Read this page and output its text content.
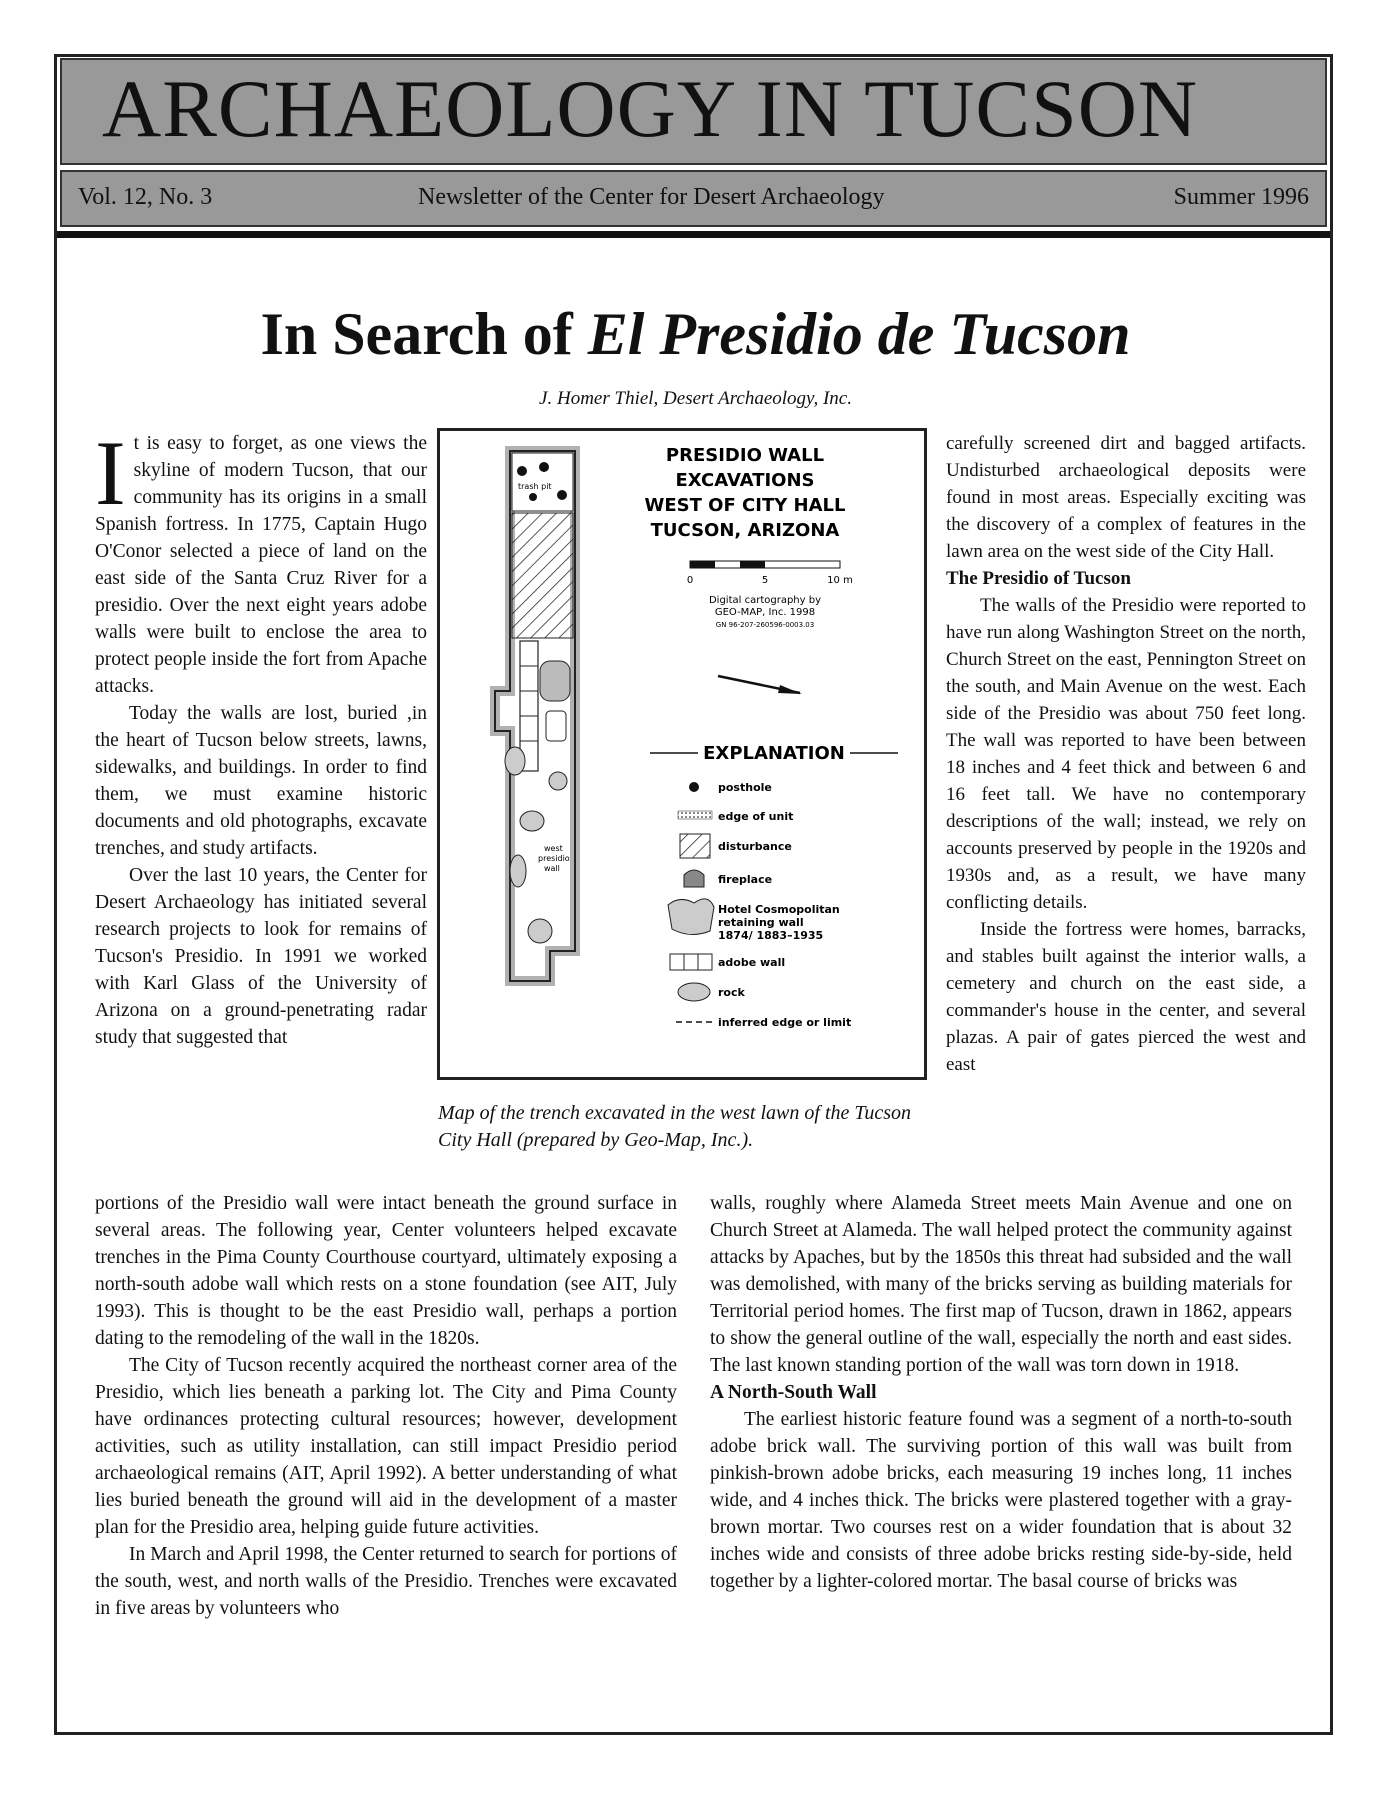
ARCHAEOLOGY IN TUCSON
Vol. 12, No. 3	Newsletter of the Center for Desert Archaeology	Summer 1996
In Search of El Presidio de Tucson
J. Homer Thiel, Desert Archaeology, Inc.

It is easy to forget, as one views the skyline of modern Tucson, that our community has its origins in a small Spanish fortress. In 1775, Captain Hugo O'Conor selected a piece of land on the east side of the Santa Cruz River for a presidio. Over the next eight years adobe walls were built to enclose the area to protect people inside the fort from Apache attacks.

Today the walls are lost, buried ,in the heart of Tucson below streets, lawns, sidewalks, and buildings. In order to find them, we must examine historic documents and old photographs, excavate trenches, and study artifacts.

Over the last 10 years, the Center for Desert Archaeology has initiated several research projects to look for remains of Tucson's Presidio. In 1991 we worked with Karl Glass of the University of Arizona on a ground-penetrating radar study that suggested that

trash pit
west
presidio
wall
PRESIDIO WALL
EXCAVATIONS
WEST OF CITY HALL
TUCSON, ARIZONA
0	5	10 m
Digital cartography by
GEO-MAP, Inc. 1998
GN 96-207-260596-0003.03
EXPLANATION
posthole
edge of unit
disturbance
fireplace
Hotel Cosmopolitan
retaining wall
1874/ 1883–1935
adobe wall
rock
inferred edge or limit
Map of the trench excavated in the west lawn of the Tucson City Hall (prepared by Geo-Map, Inc.).

carefully screened dirt and bagged artifacts. Undisturbed archaeological deposits were found in most areas. Especially exciting was the discovery of a complex of features in the lawn area on the west side of the City Hall.

The Presidio of Tucson

The walls of the Presidio were reported to have run along Washington Street on the north, Church Street on the east, Pennington Street on the south, and Main Avenue on the west. Each side of the Presidio was about 750 feet long. The wall was reported to have been between 18 inches and 4 feet thick and between 6 and 16 feet tall. We have no contemporary descriptions of the wall; instead, we rely on accounts preserved by people in the 1920s and 1930s and, as a result, we have many conflicting details.

Inside the fortress were homes, barracks, and stables built against the interior walls, a cemetery and church on the east side, a commander's house in the center, and several plazas. A pair of gates pierced the west and east

portions of the Presidio wall were intact beneath the ground surface in several areas. The following year, Center volunteers helped excavate trenches in the Pima County Courthouse courtyard, ultimately exposing a north-south adobe wall which rests on a stone foundation (see AIT, July 1993). This is thought to be the east Presidio wall, perhaps a portion dating to the remodeling of the wall in the 1820s.

The City of Tucson recently acquired the northeast corner area of the Presidio, which lies beneath a parking lot. The City and Pima County have ordinances protecting cultural resources; however, development activities, such as utility installation, can still impact Presidio period archaeological remains (AIT, April 1992). A better understanding of what lies buried beneath the ground will aid in the development of a master plan for the Presidio area, helping guide future activities.

In March and April 1998, the Center returned to search for portions of the south, west, and north walls of the Presidio. Trenches were excavated in five areas by volunteers who

walls, roughly where Alameda Street meets Main Avenue and one on Church Street at Alameda. The wall helped protect the community against attacks by Apaches, but by the 1850s this threat had subsided and the wall was demolished, with many of the bricks serving as building materials for Territorial period homes. The first map of Tucson, drawn in 1862, appears to show the general outline of the wall, especially the north and east sides. The last known standing portion of the wall was torn down in 1918.

A North-South Wall

The earliest historic feature found was a segment of a north-to-south adobe brick wall. The surviving portion of this wall was built from pinkish-brown adobe bricks, each measuring 19 inches long, 11 inches wide, and 4 inches thick. The bricks were plastered together with a gray-brown mortar. Two courses rest on a wider foundation that is about 32 inches wide and consists of three adobe bricks resting side-by-side, held together by a lighter-colored mortar. The basal course of bricks was
